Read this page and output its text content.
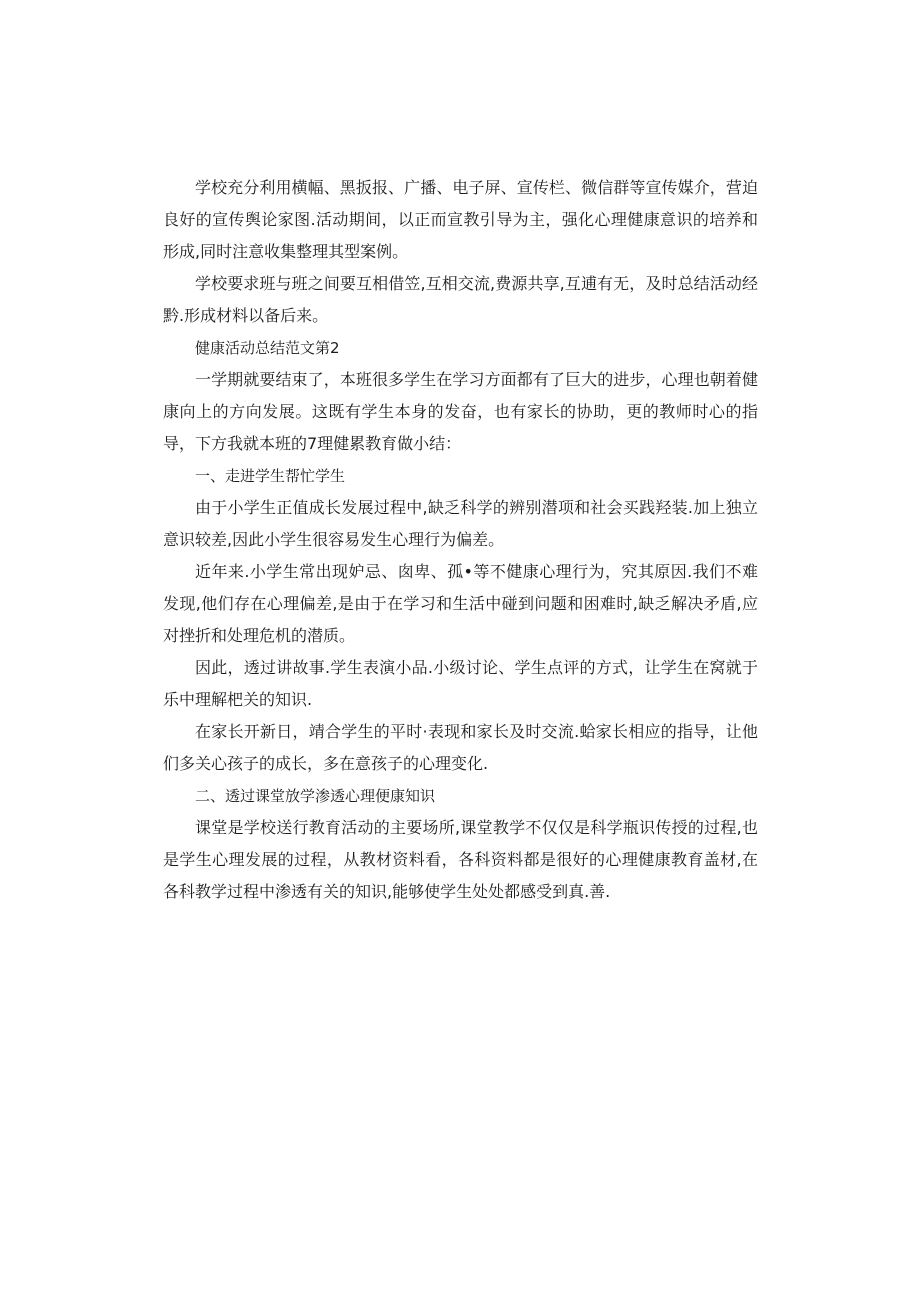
学校充分利用横幅、黑扳报、广播、电子屏、宣传栏、微信群等宣传媒介，营迫良好的宣传舆论家图.活动期间，以正而宣教引导为主，强化心理健康意识的培养和形成,同时注意收集整理其型案例。

学校要求班与班之间要互相借笠,互相交流,费源共享,互逋有无，及时总结活动经黔.形成材料以备后来。

健康活动总结范文第2

一学期就要结束了，本班很多学生在学习方面都有了巨大的进步，心理也朝着健康向上的方向发展。这既有学生本身的发奋，也有家长的协助，更的教师时心的指导，下方我就本班的7理健累教育做小结：

一、走进学生帮忙学生

由于小学生正值成长发展过程中,缺乏科学的辨别潜项和社会买践羟装.加上独立意识较差,因此小学生很容易发生心理行为偏差。

近年来.小学生常出现妒忌、囱卑、孤•等不健康心理行为，究其原因.我们不难发现,他们存在心理偏差,是由于在学习和生活中碰到问题和困难时,缺乏解决矛盾,应对挫折和处理危机的潜质。

因此，透过讲故事.学生表演小品.小级讨论、学生点评的方式，让学生在窝就于乐中理解杷关的知识.

在家长开新日，靖合学生的平时·表现和家长及时交流.蛤家长相应的指导，让他们多关心孩子的成长，多在意孩子的心理变化.

二、透过课堂放学渗透心理便康知识

课堂是学校送行教育活动的主要场所,课堂教学不仅仅是科学瓶识传授的过程,也是学生心理发展的过程，从教材资料看，各科资料都是很好的心理健康教育盖材,在各科教学过程中渗透有关的知识,能够使学生处处都感受到真.善.
